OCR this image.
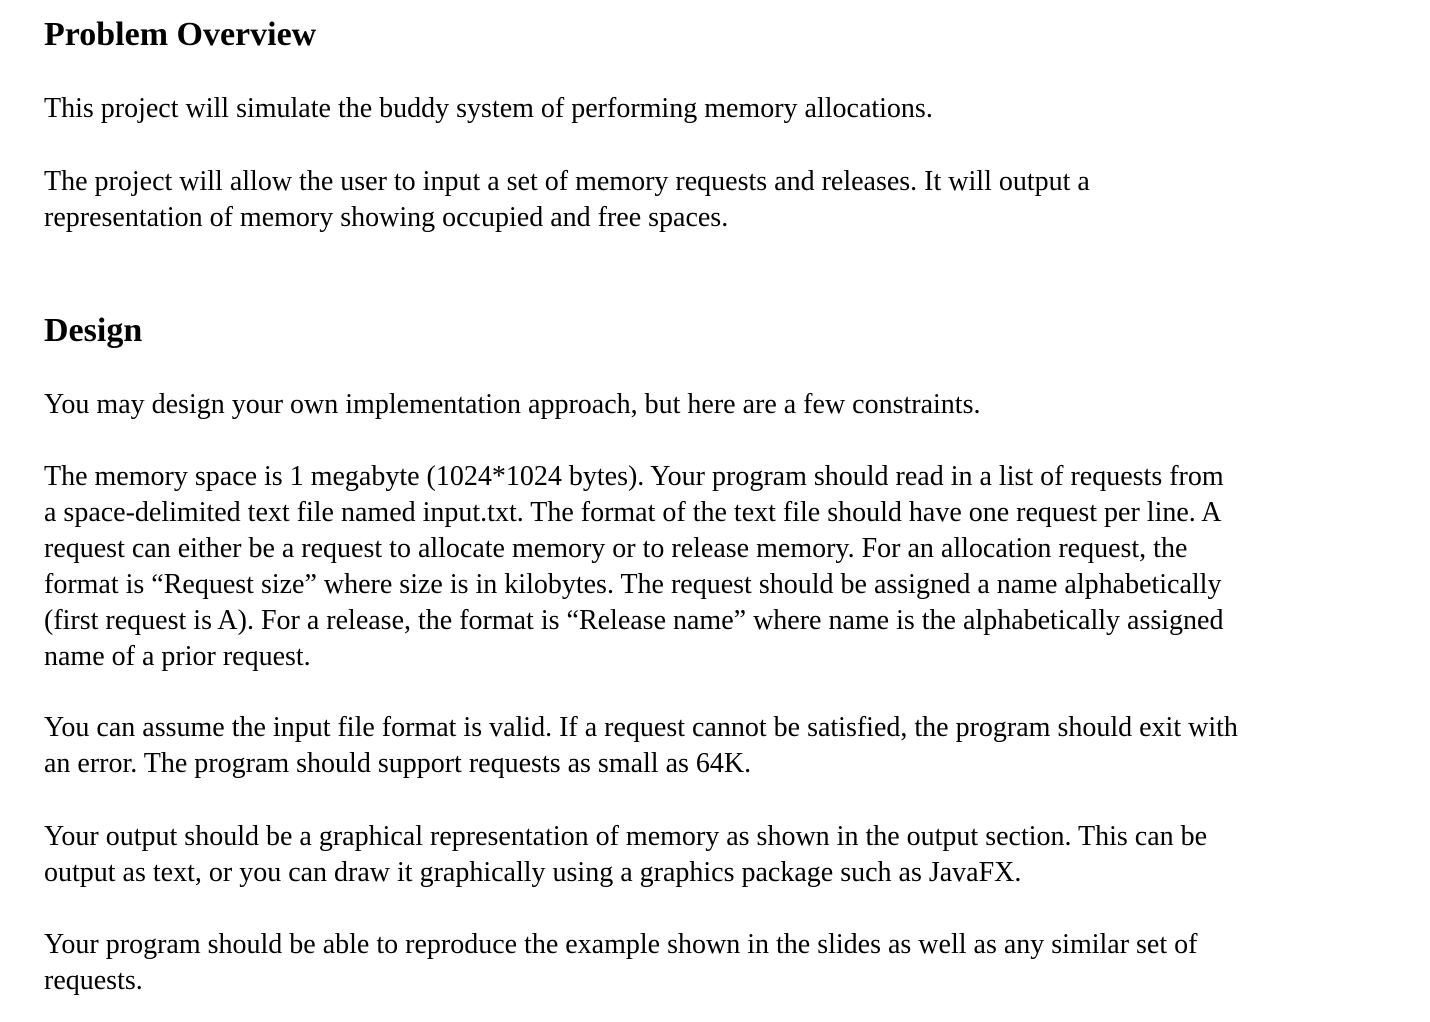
Problem Overview

This project will simulate the buddy system of performing memory allocations.

The project will allow the user to input a set of memory requests and releases. It will output a

representation of memory showing occupied and free spaces.

Design

You may design your own implementation approach, but here are a few constraints.

The memory space is 1 megabyte (1024*1024 bytes). Your program should read in a list of requests from

a space-delimited text file named input.txt. The format of the text file should have one request per line. A

request can either be a request to allocate memory or to release memory. For an allocation request, the

format is “Request size” where size is in kilobytes. The request should be assigned a name alphabetically

(first request is A). For a release, the format is “Release name” where name is the alphabetically assigned

name of a prior request.

You can assume the input file format is valid. If a request cannot be satisfied, the program should exit with

an error. The program should support requests as small as 64K.

Your output should be a graphical representation of memory as shown in the output section. This can be

output as text, or you can draw it graphically using a graphics package such as JavaFX.

Your program should be able to reproduce the example shown in the slides as well as any similar set of

requests.
